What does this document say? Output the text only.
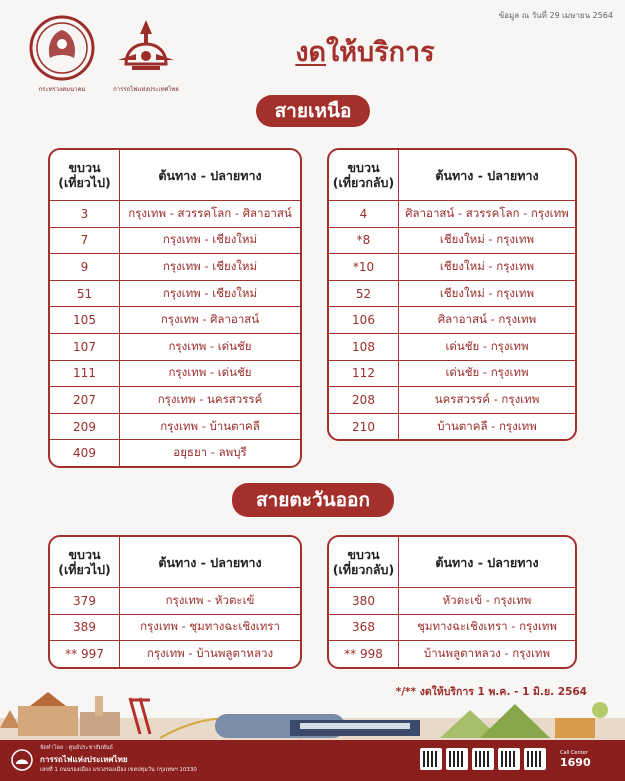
ข้อมูล ณ วันที่ 29 เมษายน 2564
กระทรวงคมนาคม	การรถไฟแห่งประเทศไทย
งดให้บริการ
สายเหนือ
ขบวน
(เที่ยวไป)	ต้นทาง - ปลายทาง
3	กรุงเทพ - สวรรคโลก - ศิลาอาสน์
7	กรุงเทพ - เชียงใหม่
9	กรุงเทพ - เชียงใหม่
51	กรุงเทพ - เชียงใหม่
105	กรุงเทพ - ศิลาอาสน์
107	กรุงเทพ - เด่นชัย
111	กรุงเทพ - เด่นชัย
207	กรุงเทพ - นครสวรรค์
209	กรุงเทพ - บ้านตาคลี
409	อยุธยา - ลพบุรี
ขบวน
(เที่ยวกลับ)	ต้นทาง - ปลายทาง
4	ศิลาอาสน์ - สวรรคโลก - กรุงเทพ
*8	เชียงใหม่ - กรุงเทพ
*10	เชียงใหม่ - กรุงเทพ
52	เชียงใหม่ - กรุงเทพ
106	ศิลาอาสน์ - กรุงเทพ
108	เด่นชัย - กรุงเทพ
112	เด่นชัย - กรุงเทพ
208	นครสวรรค์ - กรุงเทพ
210	บ้านตาคลี - กรุงเทพ
สายตะวันออก
ขบวน
(เที่ยวไป)	ต้นทาง - ปลายทาง
379	กรุงเทพ - หัวตะเข้
389	กรุงเทพ - ชุมทางฉะเชิงเทรา
** 997	กรุงเทพ - บ้านพลูตาหลวง
ขบวน
(เที่ยวกลับ)	ต้นทาง - ปลายทาง
380	หัวตะเข้ - กรุงเทพ
368	ชุมทางฉะเชิงเทรา - กรุงเทพ
** 998	บ้านพลูตาหลวง - กรุงเทพ
*/** งดให้บริการ 1 พ.ค. - 1 มิ.ย. 2564
จัดทำโดย : ศูนย์ประชาสัมพันธ์
การรถไฟแห่งประเทศไทย
เลขที่ 1 ถนนรองเมือง แขวงรองเมือง เขตปทุมวัน กรุงเทพฯ 10330
Call Center
1690
